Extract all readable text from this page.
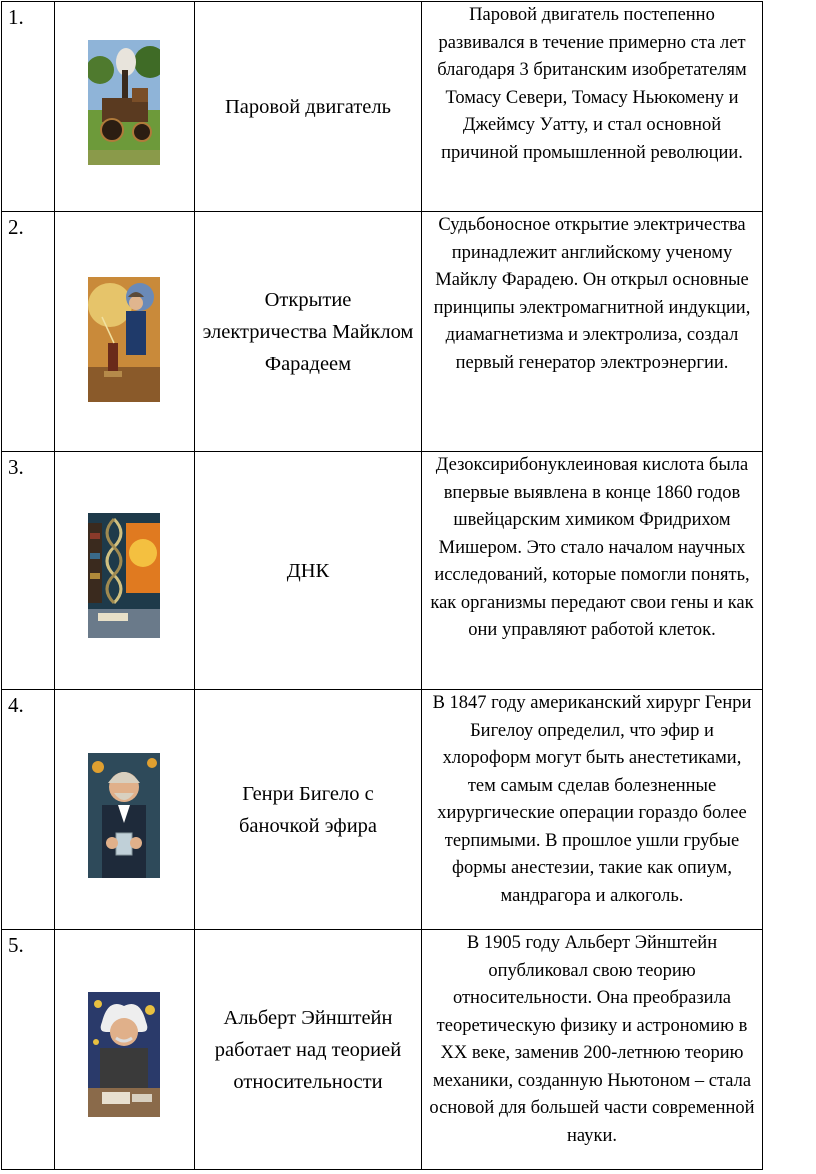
1.		Паровой двигатель	Паровой двигатель постепенно развивался в течение примерно ста лет благодаря 3 британским изобретателям Томасу Севери, Томасу Ньюкомену и Джеймсу Уатту, и стал основной причиной промышленной революции.
2.		Открытие электричества Майклом Фарадеем	Судьбоносное открытие электричества принадлежит английскому ученому Майклу Фарадею. Он открыл основные принципы электромагнитной индукции, диамагнетизма и электролиза, создал первый генератор электроэнергии.
3.		ДНК	Дезоксирибонуклеиновая кислота была впервые выявлена в конце 1860 годов швейцарским химиком Фридрихом Мишером. Это стало началом научных исследований, которые помогли понять, как организмы передают свои гены и как они управляют работой клеток.
4.		Генри Бигело с баночкой эфира	В 1847 году американский хирург Генри Бигелоу определил, что эфир и хлороформ могут быть анестетиками, тем самым сделав болезненные хирургические операции гораздо более терпимыми. В прошлое ушли грубые формы анестезии, такие как опиум, мандрагора и алкоголь.
5.		Альберт Эйнштейн работает над теорией относительности	В 1905 году Альберт Эйнштейн опубликовал свою теорию относительности. Она преобразила теоретическую физику и астрономию в XX веке, заменив 200-летнюю теорию механики, созданную Ньютоном – стала основой для большей части современной науки.
